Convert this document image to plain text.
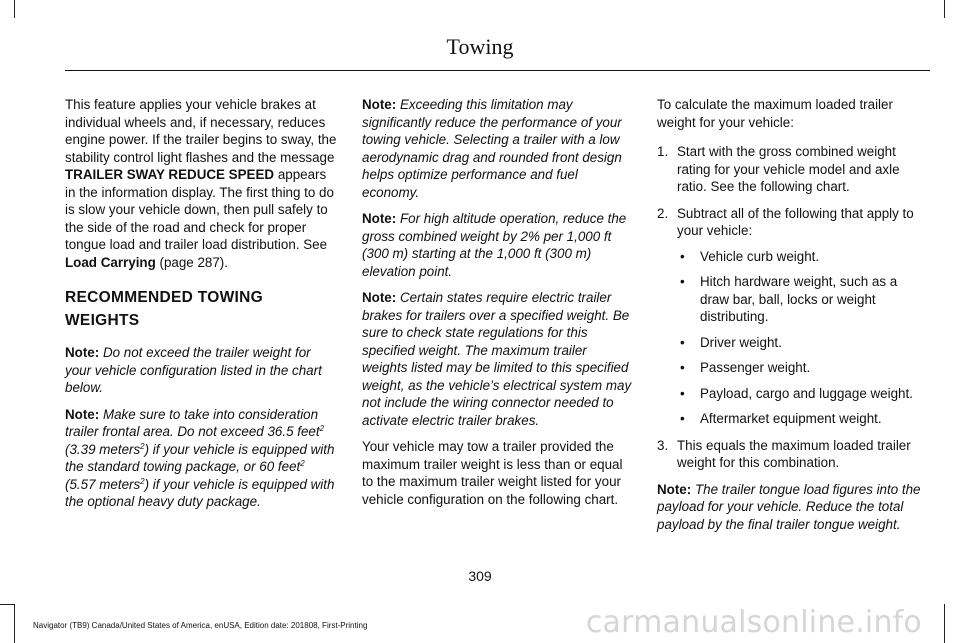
Towing

This feature applies your vehicle brakes at individual wheels and, if necessary, reduces engine power. If the trailer begins to sway, the stability control light flashes and the message TRAILER SWAY REDUCE SPEED appears in the information display. The first thing to do is slow your vehicle down, then pull safely to the side of the road and check for proper tongue load and trailer load distribution. See Load Carrying (page 287).

RECOMMENDED TOWING
WEIGHTS

Note: Do not exceed the trailer weight for your vehicle configuration listed in the chart below.

Note: Make sure to take into consideration trailer frontal area. Do not exceed 36.5 feet$^2$ (3.39 meters$^2$) if your vehicle is equipped with the standard towing package, or 60 feet$^2$ (5.57 meters$^2$) if your vehicle is equipped with the optional heavy duty package.

Note: Exceeding this limitation may significantly reduce the performance of your towing vehicle. Selecting a trailer with a low aerodynamic drag and rounded front design helps optimize performance and fuel economy.

Note: For high altitude operation, reduce the gross combined weight by 2% per 1,000 ft (300 m) starting at the 1,000 ft (300 m) elevation point.

Note: Certain states require electric trailer brakes for trailers over a specified weight. Be sure to check state regulations for this specified weight. The maximum trailer weights listed may be limited to this specified weight, as the vehicle’s electrical system may not include the wiring connector needed to activate electric trailer brakes.

Your vehicle may tow a trailer provided the maximum trailer weight is less than or equal to the maximum trailer weight listed for your vehicle configuration on the following chart.

To calculate the maximum loaded trailer weight for your vehicle:

1. Start with the gross combined weight rating for your vehicle model and axle ratio. See the following chart.
2. Subtract all of the following that apply to your vehicle:
• Vehicle curb weight.
• Hitch hardware weight, such as a draw bar, ball, locks or weight distributing.
• Driver weight.
• Passenger weight.
• Payload, cargo and luggage weight.
• Aftermarket equipment weight.
3. This equals the maximum loaded trailer weight for this combination.

Note: The trailer tongue load figures into the payload for your vehicle. Reduce the total payload by the final trailer tongue weight.

309
Navigator (TB9) Canada/United States of America, enUSA, Edition date: 201808, First-Printing	carmanualsonline.info
